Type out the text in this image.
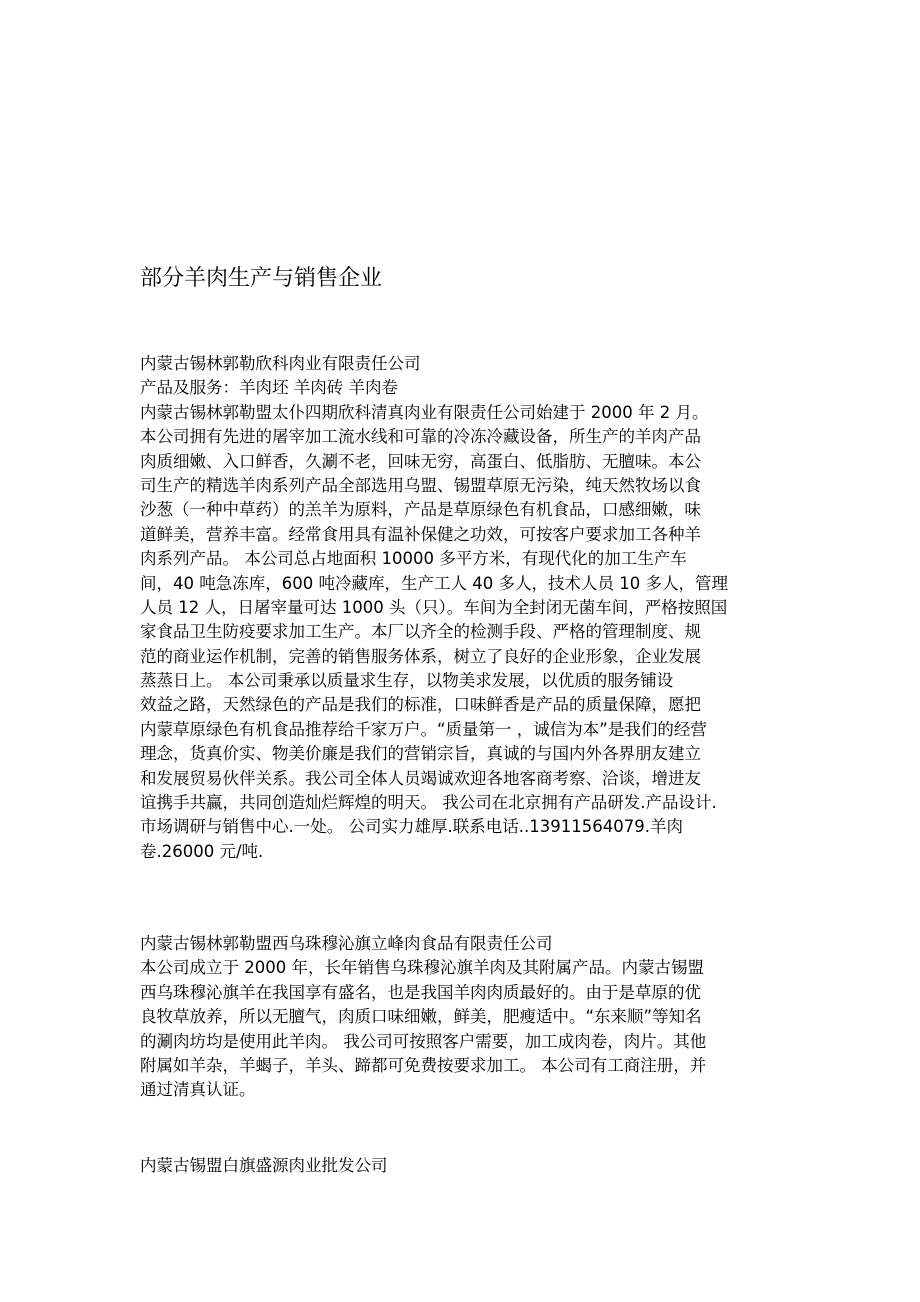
部分羊肉生产与销售企业
内蒙古锡林郭勒欣科肉业有限责任公司
产品及服务：羊肉坯 羊肉砖 羊肉卷
内蒙古锡林郭勒盟太仆四期欣科清真肉业有限责任公司始建于 2000 年 2 月。
本公司拥有先进的屠宰加工流水线和可靠的冷冻冷藏设备，所生产的羊肉产品
肉质细嫩、入口鲜香，久涮不老，回味无穷，高蛋白、低脂肪、无膻味。本公
司生产的精选羊肉系列产品全部选用乌盟、锡盟草原无污染，纯天然牧场以食
沙葱（一种中草药）的羔羊为原料，产品是草原绿色有机食品，口感细嫩，味
道鲜美，营养丰富。经常食用具有温补保健之功效，可按客户要求加工各种羊
肉系列产品。 本公司总占地面积 10000 多平方米，有现代化的加工生产车
间，40 吨急冻库，600 吨冷藏库，生产工人 40 多人，技术人员 10 多人，管理
人员 12 人，日屠宰量可达 1000 头（只）。车间为全封闭无菌车间，严格按照国
家食品卫生防疫要求加工生产。本厂以齐全的检测手段、严格的管理制度、规
范的商业运作机制，完善的销售服务体系，树立了良好的企业形象，企业发展
蒸蒸日上。 本公司秉承以质量求生存，以物美求发展，以优质的服务铺设
效益之路，天然绿色的产品是我们的标准，口味鲜香是产品的质量保障，愿把
内蒙草原绿色有机食品推荐给千家万户。“质量第一 ，诚信为本”是我们的经营
理念，货真价实、物美价廉是我们的营销宗旨，真诚的与国内外各界朋友建立
和发展贸易伙伴关系。我公司全体人员竭诚欢迎各地客商考察、洽谈，增进友
谊携手共赢，共同创造灿烂辉煌的明天。 我公司在北京拥有产品研发.产品设计.
市场调研与销售中心.一处。 公司实力雄厚.联系电话..13911564079.羊肉
卷.26000 元/吨.
内蒙古锡林郭勒盟西乌珠穆沁旗立峰肉食品有限责任公司
本公司成立于 2000 年，长年销售乌珠穆沁旗羊肉及其附属产品。内蒙古锡盟
西乌珠穆沁旗羊在我国享有盛名，也是我国羊肉肉质最好的。由于是草原的优
良牧草放养，所以无膻气，肉质口味细嫩，鲜美，肥瘦适中。“东来顺”等知名
的涮肉坊均是使用此羊肉。 我公司可按照客户需要，加工成肉卷，肉片。其他
附属如羊杂，羊蝎子，羊头、蹄都可免费按要求加工。 本公司有工商注册，并
通过清真认证。
内蒙古锡盟白旗盛源肉业批发公司
